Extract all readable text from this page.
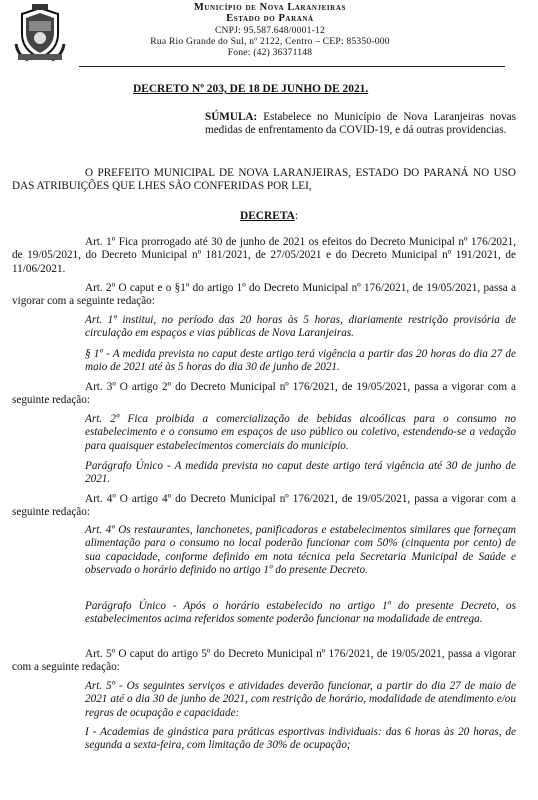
Município de Nova Laranjeiras
Estado do Paraná
CNPJ: 95.587.648/0001-12
Rua Rio Grande do Sul, nº 2122, Centro – CEP: 85350-000
Fone: (42) 36371148
DECRETO Nº 203, DE 18 DE JUNHO DE 2021.

SÚMULA: Estabelece no Município de Nova Laranjeiras novas medidas de enfrentamento da COVID-19, e dá outras providencias.

O PREFEITO MUNICIPAL DE NOVA LARANJEIRAS, ESTADO DO PARANÁ NO USO DAS ATRIBUIÇÕES QUE LHES SÃO CONFERIDAS POR LEI,

DECRETA:

Art. 1º Fica prorrogado até 30 de junho de 2021 os efeitos do Decreto Municipal nº 176/2021, de 19/05/2021, do Decreto Municipal nº 181/2021, de 27/05/2021 e do Decreto Municipal nº 191/2021, de 11/06/2021.

Art. 2º O caput e o §1º do artigo 1º do Decreto Municipal nº 176/2021, de 19/05/2021, passa a vigorar com a seguinte redação:

Art. 1º institui, no período das 20 horas às 5 horas, diariamente restrição provisória de circulação em espaços e vias públicas de Nova Laranjeiras.

§ 1º - A medida prevista no caput deste artigo terá vigência a partir das 20 horas do dia 27 de maio de 2021 até às 5 horas do dia 30 de junho de 2021.

Art. 3º O artigo 2º do Decreto Municipal nº 176/2021, de 19/05/2021, passa a vigorar com a seguinte redação:

Art. 2º Fica proibida a comercialização de bebidas alcoólicas para o consumo no estabelecimento e o consumo em espaços de uso público ou coletivo, estendendo-se a vedação para quaisquer estabelecimentos comerciais do município.

Parágrafo Único - A medida prevista no caput deste artigo terá vigência até 30 de junho de 2021.

Art. 4º O artigo 4º do Decreto Municipal nº 176/2021, de 19/05/2021, passa a vigorar com a seguinte redação:

Art. 4º Os restaurantes, lanchonetes, panificadoras e estabelecimentos similares que forneçam alimentação para o consumo no local poderão funcionar com 50% (cinquenta por cento) de sua capacidade, conforme definido em nota técnica pela Secretaria Municipal de Saúde e observado o horário definido no artigo 1º do presente Decreto.

Parágrafo Único - Após o horário estabelecido no artigo 1º do presente Decreto, os estabelecimentos acima referidos somente poderão funcionar na modalidade de entrega.

Art. 5º O caput do artigo 5º do Decreto Municipal nº 176/2021, de 19/05/2021, passa a vigorar com a seguinte redação:

Art. 5º - Os seguintes serviços e atividades deverão funcionar, a partir do dia 27 de maio de 2021 até o dia 30 de junho de 2021, com restrição de horário, modalidade de atendimento e/ou regras de ocupação e capacidade:

I - Academias de ginástica para práticas esportivas individuais: das 6 horas às 20 horas, de segunda a sexta-feira, com limitação de 30% de ocupação;
